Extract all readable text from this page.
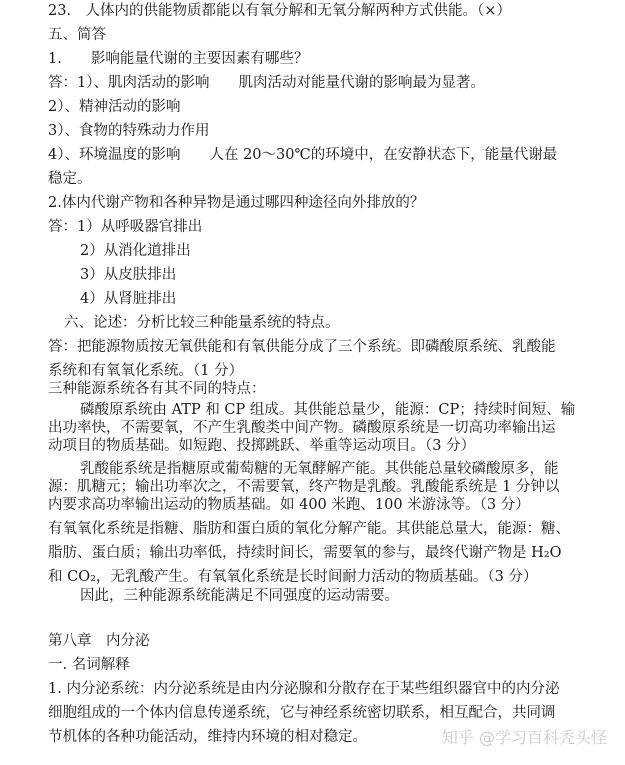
23.　人体内的供能物质都能以有氧分解和无氧分解两种方式供能。（×）
五、简答
1.　　影响能量代谢的主要因素有哪些？
答：1）、肌肉活动的影响　　肌肉活动对能量代谢的影响最为显著。
2）、精神活动的影响
3）、食物的特殊动力作用
4）、环境温度的影响　　人在 20～30℃的环境中，在安静状态下，能量代谢最
稳定。
2.体内代谢产物和各种异物是通过哪四种途径向外排放的？
答：1）从呼吸器官排出
2）从消化道排出
3）从皮肤排出
4）从肾脏排出
六、论述：分析比较三种能量系统的特点。
答：把能源物质按无氧供能和有氧供能分成了三个系统。即磷酸原系统、乳酸能
系统和有氧氧化系统。（1 分）
三种能源系统各有其不同的特点：
磷酸原系统由 ATP 和 CP 组成。其供能总量少，能源：CP；持续时间短、输
出功率快，不需要氧，不产生乳酸类中间产物。磷酸原系统是一切高功率输出运
动项目的物质基础。如短跑、投掷跳跃、举重等运动项目。（3 分）
乳酸能系统是指糖原或葡萄糖的无氧酵解产能。其供能总量较磷酸原多，能
源：肌糖元；输出功率次之，不需要氧，终产物是乳酸。乳酸能系统是 1 分钟以
内要求高功率输出运动的物质基础。如 400 米跑、100 米游泳等。（3 分）
有氧氧化系统是指糖、脂肪和蛋白质的氧化分解产能。其供能总量大，能源：糖、
脂肪、蛋白质；输出功率低，持续时间长，需要氧的参与，最终代谢产物是 H₂O
和 CO₂，无乳酸产生。有氧氧化系统是长时间耐力活动的物质基础。（3 分）
因此，三种能源系统能满足不同强度的运动需要。
第八章　内分泌
一. 名词解释
1. 内分泌系统：内分泌系统是由内分泌腺和分散存在于某些组织器官中的内分泌
细胞组成的一个体内信息传递系统，它与神经系统密切联系，相互配合，共同调
节机体的各种功能活动，维持内环境的相对稳定。	知乎 @学习百科秃头怪
